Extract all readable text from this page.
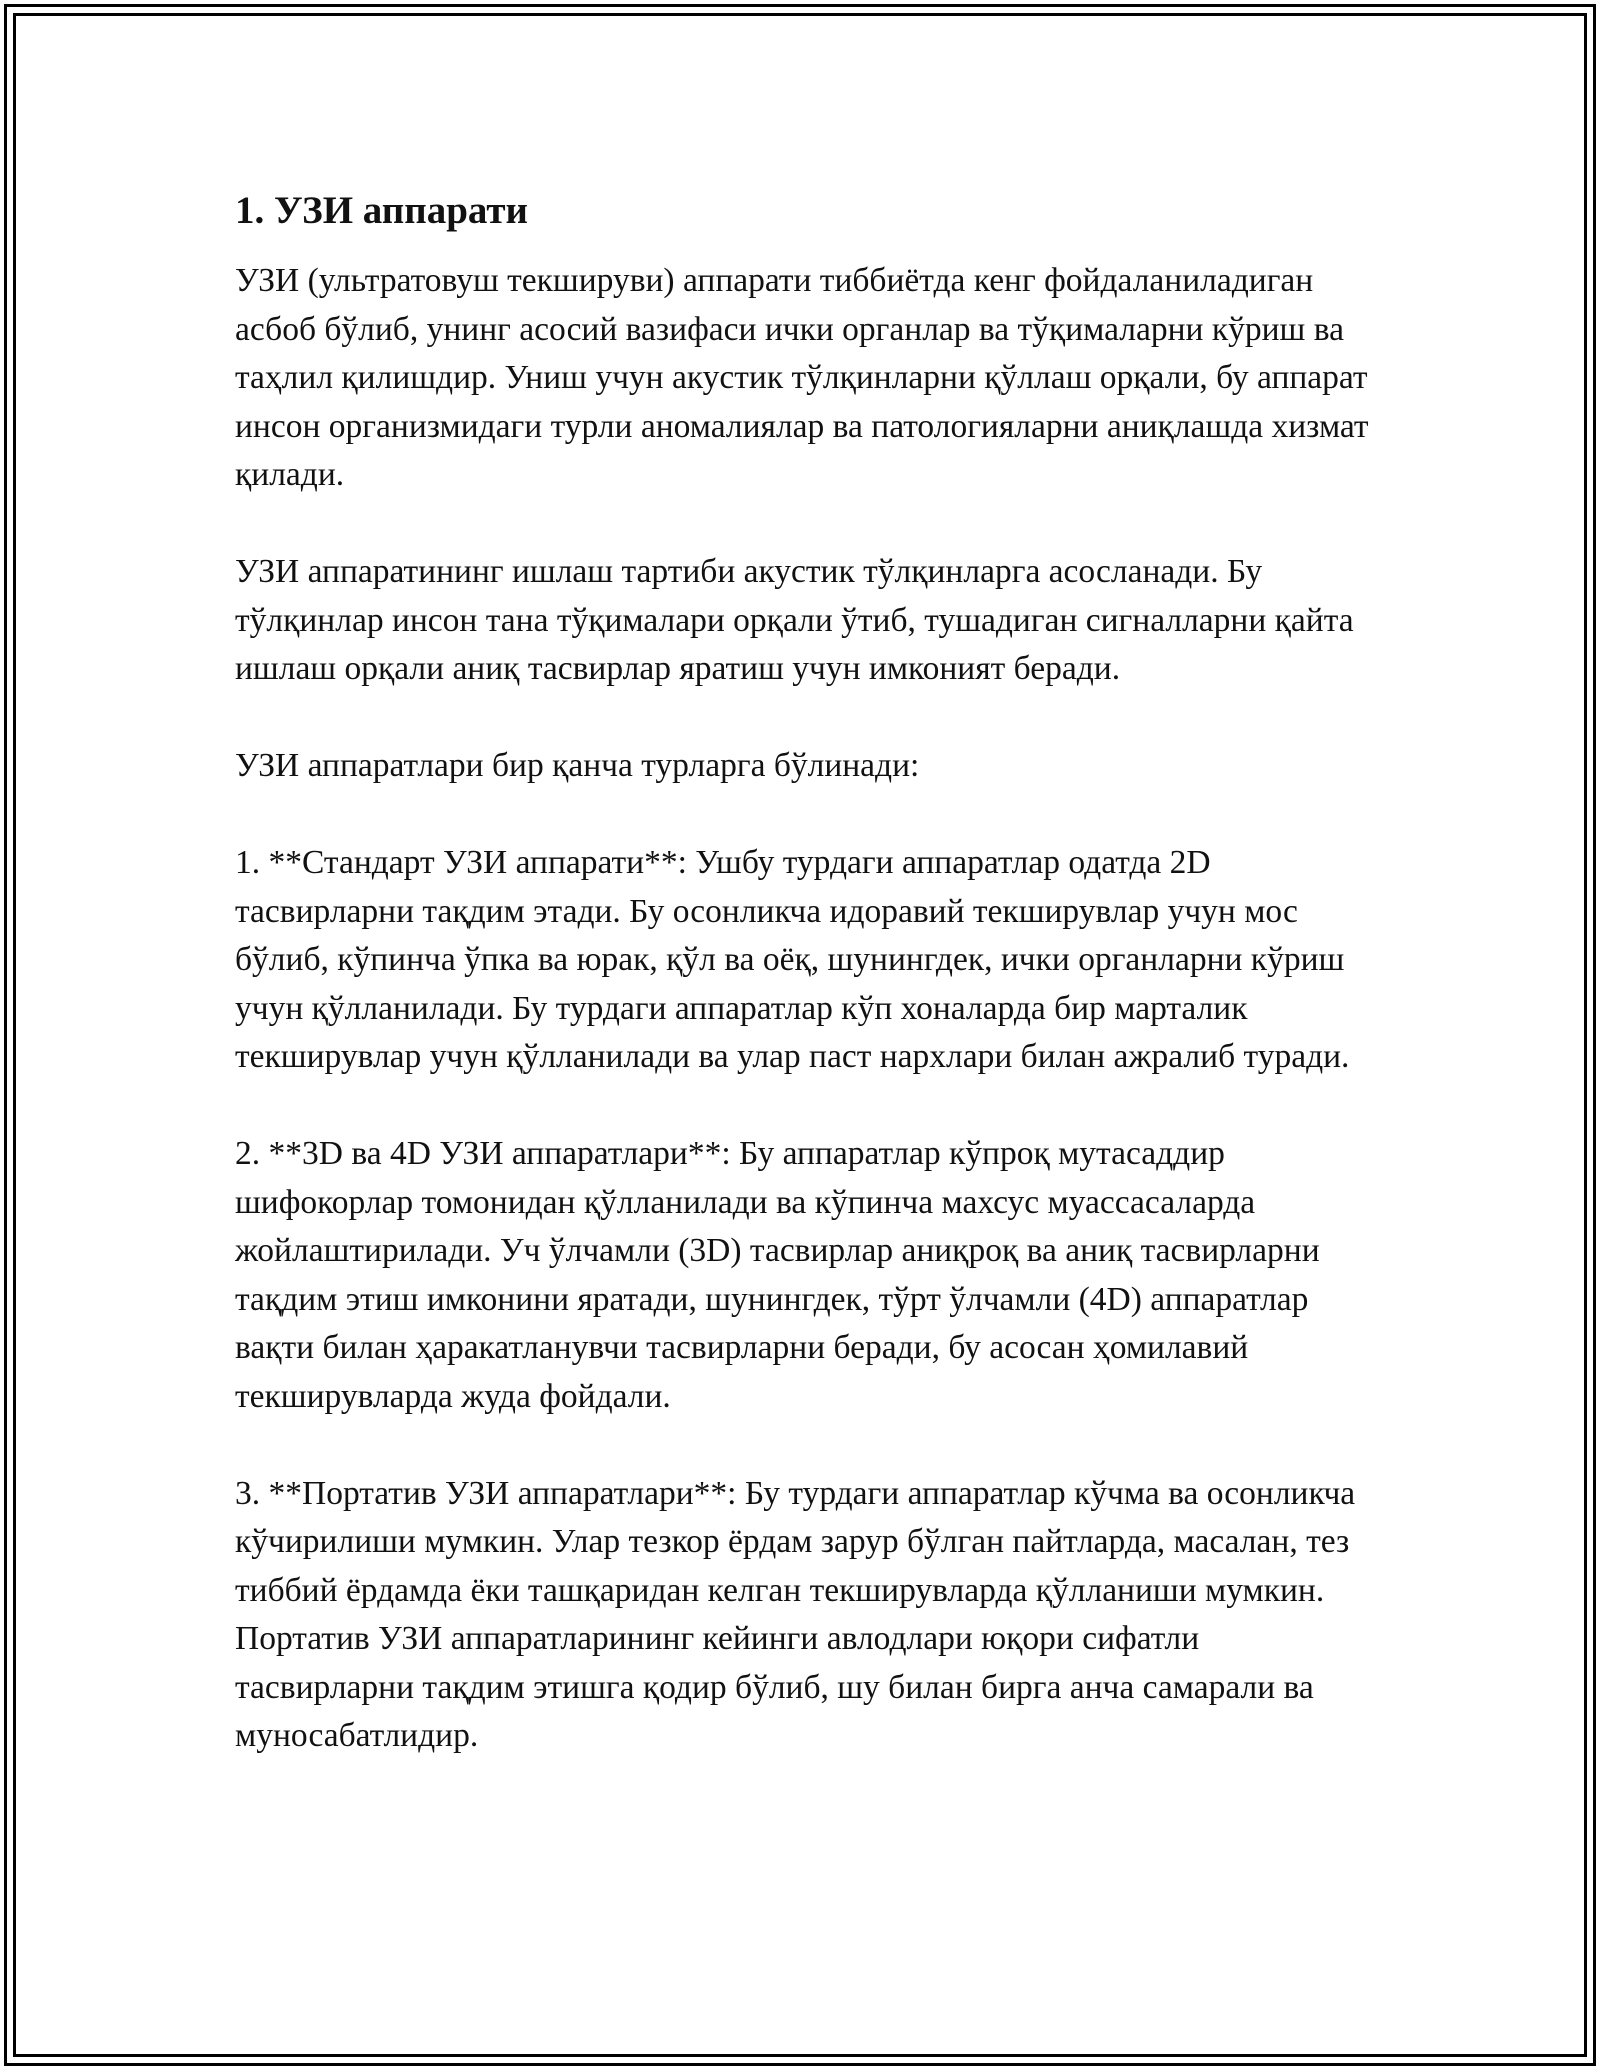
1. УЗИ аппарати

УЗИ (ультратовуш текшируви) аппарати тиббиётда кенг фойдаланиладиган асбоб бўлиб, унинг асосий вазифаси ички органлар ва тўқималарни кўриш ва таҳлил қилишдир. Униш учун акустик тўлқинларни қўллаш орқали, бу аппарат инсон организмидаги турли аномалиялар ва патологияларни аниқлашда хизмат қилади.

УЗИ аппаратининг ишлаш тартиби акустик тўлқинларга асосланади. Бу тўлқинлар инсон тана тўқималари орқали ўтиб, тушадиган сигналларни қайта ишлаш орқали аниқ тасвирлар яратиш учун имконият беради.

УЗИ аппаратлари бир қанча турларга бўлинади:

1. **Стандарт УЗИ аппарати**: Ушбу турдаги аппаратлар одатда 2D тасвирларни тақдим этади. Бу осонликча идоравий текширувлар учун мос бўлиб, кўпинча ўпка ва юрак, қўл ва оёқ, шунингдек, ички органларни кўриш учун қўлланилади. Бу турдаги аппаратлар кўп хоналарда бир марталик текширувлар учун қўлланилади ва улар паст нархлари билан ажралиб туради.

2. **3D ва 4D УЗИ аппаратлари**: Бу аппаратлар кўпроқ мутасаддир шифокорлар томонидан қўлланилади ва кўпинча махсус муассасаларда жойлаштирилади. Уч ўлчамли (3D) тасвирлар аниқроқ ва аниқ тасвирларни тақдим этиш имконини яратади, шунингдек, тўрт ўлчамли (4D) аппаратлар вақти билан ҳаракатланувчи тасвирларни беради, бу асосан ҳомилавий текширувларда жуда фойдали.

3. **Портатив УЗИ аппаратлари**: Бу турдаги аппаратлар кўчма ва осонликча кўчирилиши мумкин. Улар тезкор ёрдам зарур бўлган пайтларда, масалан, тез тиббий ёрдамда ёки ташқаридан келган текширувларда қўлланиши мумкин. Портатив УЗИ аппаратларининг кейинги авлодлари юқори сифатли тасвирларни тақдим этишга қодир бўлиб, шу билан бирга анча самарали ва муносабатлидир.
